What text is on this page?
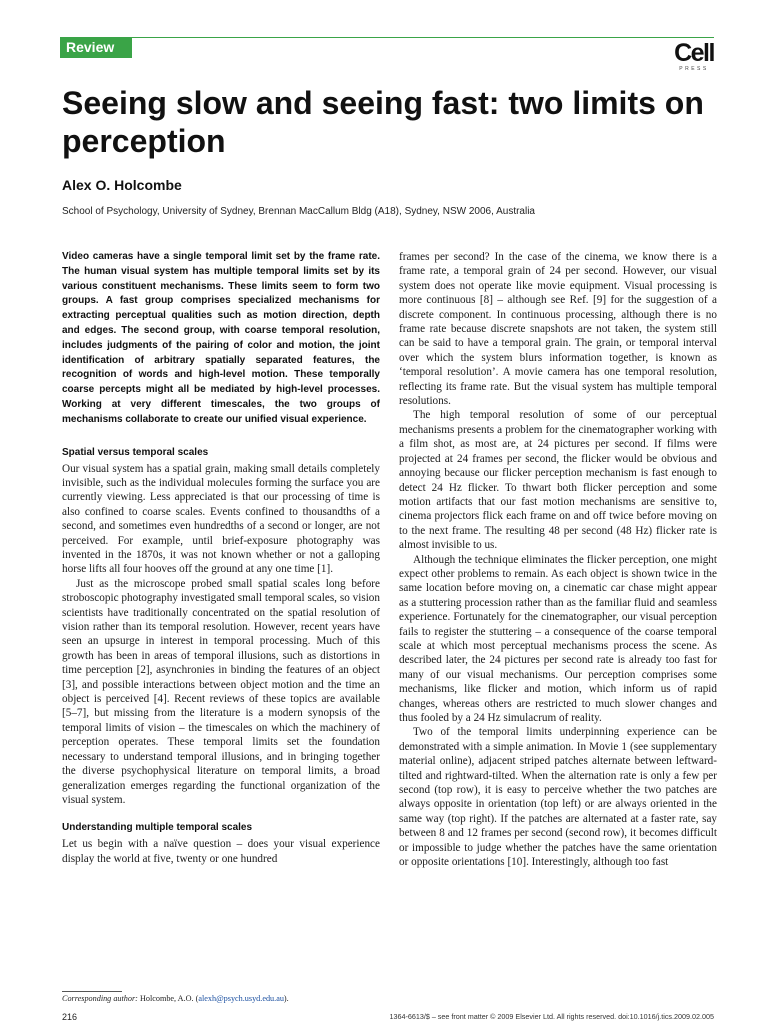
Review	Cell
PRESS
Seeing slow and seeing fast: two limits on perception
Alex O. Holcombe
School of Psychology, University of Sydney, Brennan MacCallum Bldg (A18), Sydney, NSW 2006, Australia

Video cameras have a single temporal limit set by the frame rate. The human visual system has multiple temporal limits set by its various constituent mechanisms. These limits seem to form two groups. A fast group comprises specialized mechanisms for extracting perceptual qualities such as motion direction, depth and edges. The second group, with coarse temporal resolution, includes judgments of the pairing of color and motion, the joint identification of arbitrary spatially separated features, the recognition of words and high-level motion. These temporally coarse percepts might all be mediated by high-level processes. Working at very different timescales, the two groups of mechanisms collaborate to create our unified visual experience.

Spatial versus temporal scales

Our visual system has a spatial grain, making small details completely invisible, such as the individual molecules forming the surface you are currently viewing. Less appreciated is that our processing of time is also confined to coarse scales. Events confined to thousandths of a second, and sometimes even hundredths of a second or longer, are not perceived. For example, until brief-exposure photography was invented in the 1870s, it was not known whether or not a galloping horse lifts all four hooves off the ground at any one time [1].

Just as the microscope probed small spatial scales long before stroboscopic photography investigated small temporal scales, so vision scientists have traditionally concentrated on the spatial resolution of vision rather than its temporal resolution. However, recent years have seen an upsurge in interest in temporal processing. Much of this growth has been in areas of temporal illusions, such as distortions in time perception [2], asynchronies in binding the features of an object [3], and possible interactions between object motion and the time an object is perceived [4]. Recent reviews of these topics are available [5–7], but missing from the literature is a modern synopsis of the temporal limits of vision – the timescales on which the machinery of perception operates. These temporal limits set the foundation necessary to understand temporal illusions, and in bringing together the diverse psychophysical literature on temporal limits, a broad generalization emerges regarding the functional organization of the visual system.

Understanding multiple temporal scales

Let us begin with a naïve question – does your visual experience display the world at five, twenty or one hundred

frames per second? In the case of the cinema, we know there is a frame rate, a temporal grain of 24 per second. However, our visual system does not operate like movie equipment. Visual processing is more continuous [8] – although see Ref. [9] for the suggestion of a discrete component. In continuous processing, although there is no frame rate because discrete snapshots are not taken, the system still can be said to have a temporal grain. The grain, or temporal interval over which the system blurs information together, is known as ‘temporal resolution’. A movie camera has one temporal resolution, reflecting its frame rate. But the visual system has multiple temporal resolutions.

The high temporal resolution of some of our perceptual mechanisms presents a problem for the cinematographer working with a film shot, as most are, at 24 pictures per second. If films were projected at 24 frames per second, the flicker would be obvious and annoying because our flicker perception mechanism is fast enough to detect 24 Hz flicker. To thwart both flicker perception and some motion artifacts that our fast motion mechanisms are sensitive to, cinema projectors flick each frame on and off twice before moving on to the next frame. The resulting 48 per second (48 Hz) flicker rate is almost invisible to us.

Although the technique eliminates the flicker perception, one might expect other problems to remain. As each object is shown twice in the same location before moving on, a cinematic car chase might appear as a stuttering procession rather than as the familiar fluid and seamless experience. Fortunately for the cinematographer, our visual perception fails to register the stuttering – a consequence of the coarse temporal scale at which most perceptual mechanisms process the scene. As described later, the 24 pictures per second rate is already too fast for many of our visual mechanisms. Our perception comprises some mechanisms, like flicker and motion, which inform us of rapid changes, whereas others are restricted to much slower changes and thus fooled by a 24 Hz simulacrum of reality.

Two of the temporal limits underpinning experience can be demonstrated with a simple animation. In Movie 1 (see supplementary material online), adjacent striped patches alternate between leftward-tilted and rightward-tilted. When the alternation rate is only a few per second (top row), it is easy to perceive whether the two patches are always opposite in orientation (top left) or are always oriented in the same way (top right). If the patches are alternated at a faster rate, say between 8 and 12 frames per second (second row), it becomes difficult or impossible to judge whether the patches have the same orientation or opposite orientations [10]. Interestingly, although too fast

Corresponding author: Holcombe, A.O. (alexh@psych.usyd.edu.au).
216	1364-6613/$ – see front matter © 2009 Elsevier Ltd. All rights reserved. doi:10.1016/j.tics.2009.02.005
